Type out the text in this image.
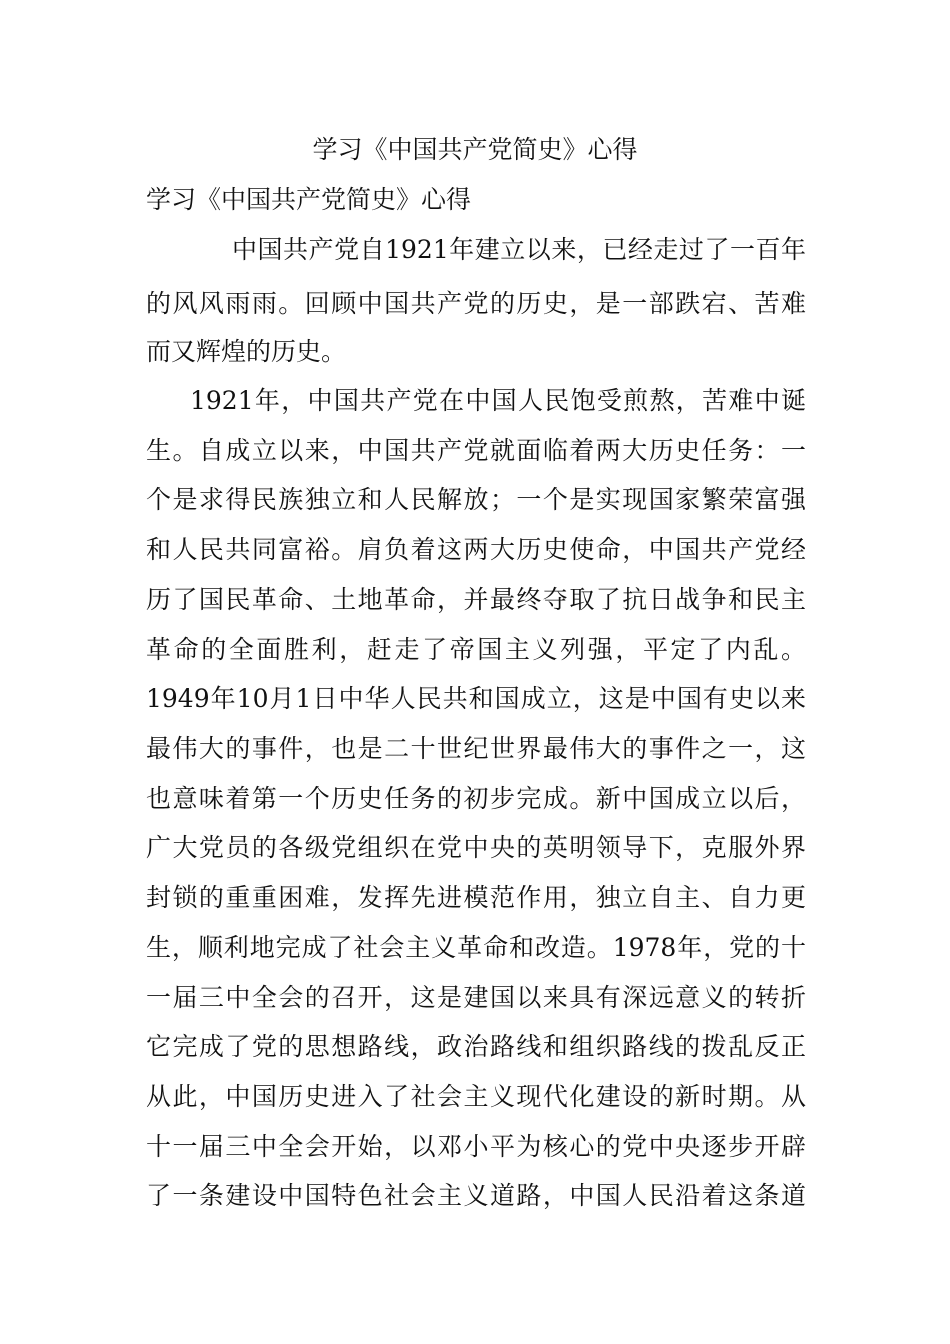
学习《中国共产党简史》心得
学习《中国共产党简史》心得
中国共产党自1921年建立以来，已经走过了一百年
的风风雨雨。回顾中国共产党的历史，是一部跌宕、苦难
而又辉煌的历史。
1921年，中国共产党在中国人民饱受煎熬，苦难中诞
生。自成立以来，中国共产党就面临着两大历史任务：一
个是求得民族独立和人民解放；一个是实现国家繁荣富强
和人民共同富裕。肩负着这两大历史使命，中国共产党经
历了国民革命、土地革命，并最终夺取了抗日战争和民主
革命的全面胜利，赶走了帝国主义列强，平定了内乱。
1949年10月1日中华人民共和国成立，这是中国有史以来
最伟大的事件，也是二十世纪世界最伟大的事件之一，这
也意味着第一个历史任务的初步完成。新中国成立以后，
广大党员的各级党组织在党中央的英明领导下，克服外界
封锁的重重困难，发挥先进模范作用，独立自主、自力更
生，顺利地完成了社会主义革命和改造。1978年，党的十
一届三中全会的召开，这是建国以来具有深远意义的转折
它完成了党的思想路线，政治路线和组织路线的拨乱反正
从此，中国历史进入了社会主义现代化建设的新时期。从
十一届三中全会开始，以邓小平为核心的党中央逐步开辟
了一条建设中国特色社会主义道路，中国人民沿着这条道
